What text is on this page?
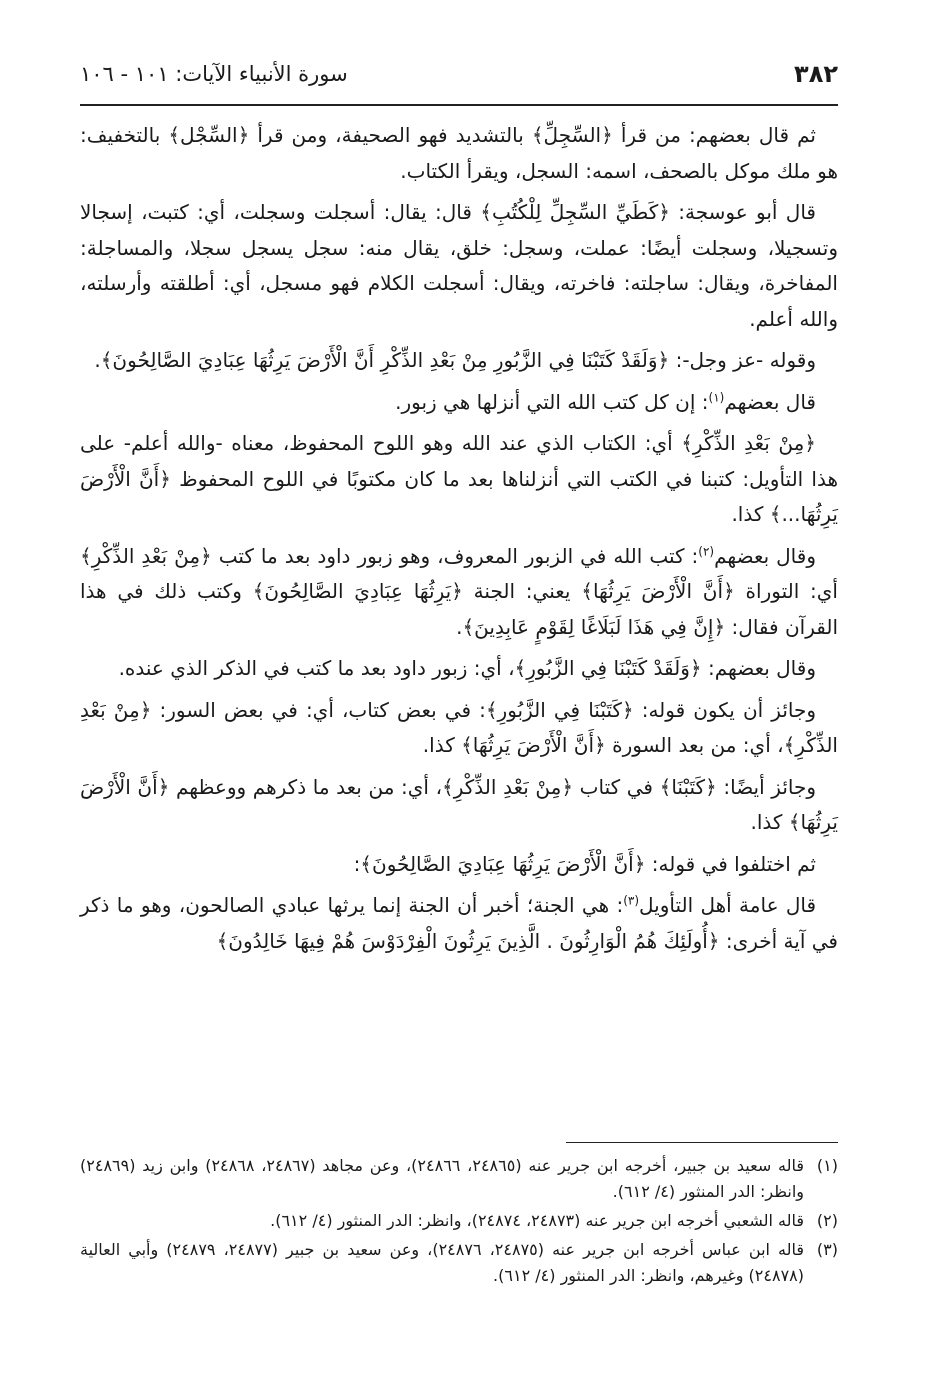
٣٨٢
سورة الأنبياء الآيات: ١٠١ - ١٠٦

ثم قال بعضهم: من قرأ ﴿السِّجِلِّ﴾ بالتشديد فهو الصحيفة، ومن قرأ ﴿السِّجْل﴾ بالتخفيف: هو ملك موكل بالصحف، اسمه: السجل، ويقرأ الكتاب.

قال أبو عوسجة: ﴿كَطَيِّ السِّجِلِّ لِلْكُتُبِ﴾ قال: يقال: أسجلت وسجلت، أي: كتبت، إسجالا وتسجيلا، وسجلت أيضًا: عملت، وسجل: خلق، يقال منه: سجل يسجل سجلا، والمساجلة: المفاخرة، ويقال: ساجلته: فاخرته، ويقال: أسجلت الكلام فهو مسجل، أي: أطلقته وأرسلته، والله أعلم.

وقوله -عز وجل-: ﴿وَلَقَدْ كَتَبْنَا فِي الزَّبُورِ مِنْ بَعْدِ الذِّكْرِ أَنَّ الْأَرْضَ يَرِثُهَا عِبَادِيَ الصَّالِحُونَ﴾.

قال بعضهم$^{(١)}$: إن كل كتب الله التي أنزلها هي زبور.

﴿مِنْ بَعْدِ الذِّكْرِ﴾ أي: الكتاب الذي عند الله وهو اللوح المحفوظ، معناه -والله أعلم- على هذا التأويل: كتبنا في الكتب التي أنزلناها بعد ما كان مكتوبًا في اللوح المحفوظ ﴿أَنَّ الْأَرْضَ يَرِثُهَا...﴾ كذا.

وقال بعضهم$^{(٢)}$: كتب الله في الزبور المعروف، وهو زبور داود بعد ما كتب ﴿مِنْ بَعْدِ الذِّكْرِ﴾ أي: التوراة ﴿أَنَّ الْأَرْضَ يَرِثُهَا﴾ يعني: الجنة ﴿يَرِثُهَا عِبَادِيَ الصَّالِحُونَ﴾ وكتب ذلك في هذا القرآن فقال: ﴿إِنَّ فِي هَذَا لَبَلَاغًا لِقَوْمٍ عَابِدِينَ﴾.

وقال بعضهم: ﴿وَلَقَدْ كَتَبْنَا فِي الزَّبُورِ﴾، أي: زبور داود بعد ما كتب في الذكر الذي عنده.

وجائز أن يكون قوله: ﴿كَتَبْنَا فِي الزَّبُورِ﴾: في بعض كتاب، أي: في بعض السور: ﴿مِنْ بَعْدِ الذِّكْرِ﴾، أي: من بعد السورة ﴿أَنَّ الْأَرْضَ يَرِثُهَا﴾ كذا.

وجائز أيضًا: ﴿كَتَبْنَا﴾ في كتاب ﴿مِنْ بَعْدِ الذِّكْرِ﴾، أي: من بعد ما ذكرهم ووعظهم ﴿أَنَّ الْأَرْضَ يَرِثُهَا﴾ كذا.

ثم اختلفوا في قوله: ﴿أَنَّ الْأَرْضَ يَرِثُهَا عِبَادِيَ الصَّالِحُونَ﴾:

قال عامة أهل التأويل$^{(٣)}$: هي الجنة؛ أخبر أن الجنة إنما يرثها عبادي الصالحون، وهو ما ذكر في آية أخرى: ﴿أُولَئِكَ هُمُ الْوَارِثُونَ . الَّذِينَ يَرِثُونَ الْفِرْدَوْسَ هُمْ فِيهَا خَالِدُونَ﴾

(١)
قاله سعيد بن جبير، أخرجه ابن جرير عنه (٢٤٨٦٥، ٢٤٨٦٦)، وعن مجاهد (٢٤٨٦٧، ٢٤٨٦٨) وابن زيد (٢٤٨٦٩) وانظر: الدر المنثور (٤/ ٦١٢).

(٢)
قاله الشعبي أخرجه ابن جرير عنه (٢٤٨٧٣، ٢٤٨٧٤)، وانظر: الدر المنثور (٤/ ٦١٢).

(٣)
قاله ابن عباس أخرجه ابن جرير عنه (٢٤٨٧٥، ٢٤٨٧٦)، وعن سعيد بن جبير (٢٤٨٧٧، ٢٤٨٧٩) وأبي العالية (٢٤٨٧٨) وغيرهم، وانظر: الدر المنثور (٤/ ٦١٢).
